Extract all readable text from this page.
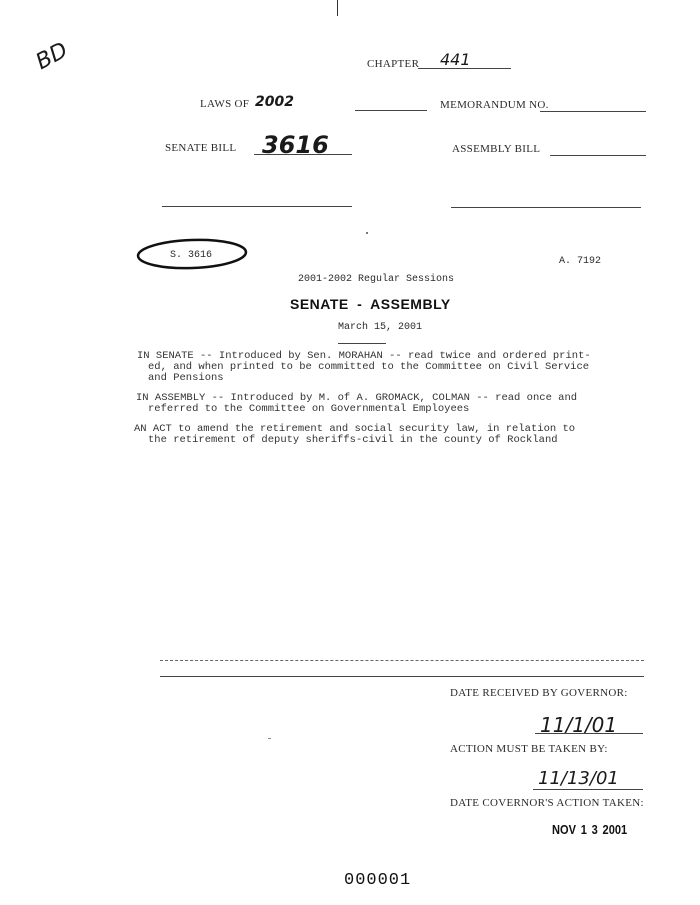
BD	CHAPTER 441
LAWS OF 2002	MEMORANDUM NO.
SENATE BILL 3616	ASSEMBLY BILL
S. 3616
A. 7192
2001-2002 Regular Sessions
SENATE - ASSEMBLY
March 15, 2001
IN SENATE -- Introduced by Sen. MORAHAN -- read twice and ordered print-
ed, and when printed to be committed to the Committee on Civil Service
and Pensions
IN ASSEMBLY -- Introduced by M. of A. GROMACK, COLMAN -- read once and
referred to the Committee on Governmental Employees
AN ACT to amend the retirement and social security law, in relation to
the retirement of deputy sheriffs-civil in the county of Rockland
DATE RECEIVED BY GOVERNOR:
11/1/01
ACTION MUST BE TAKEN BY:
11/13/01
DATE COVERNOR'S ACTION TAKEN:
NOV 1 3 2001
000001
